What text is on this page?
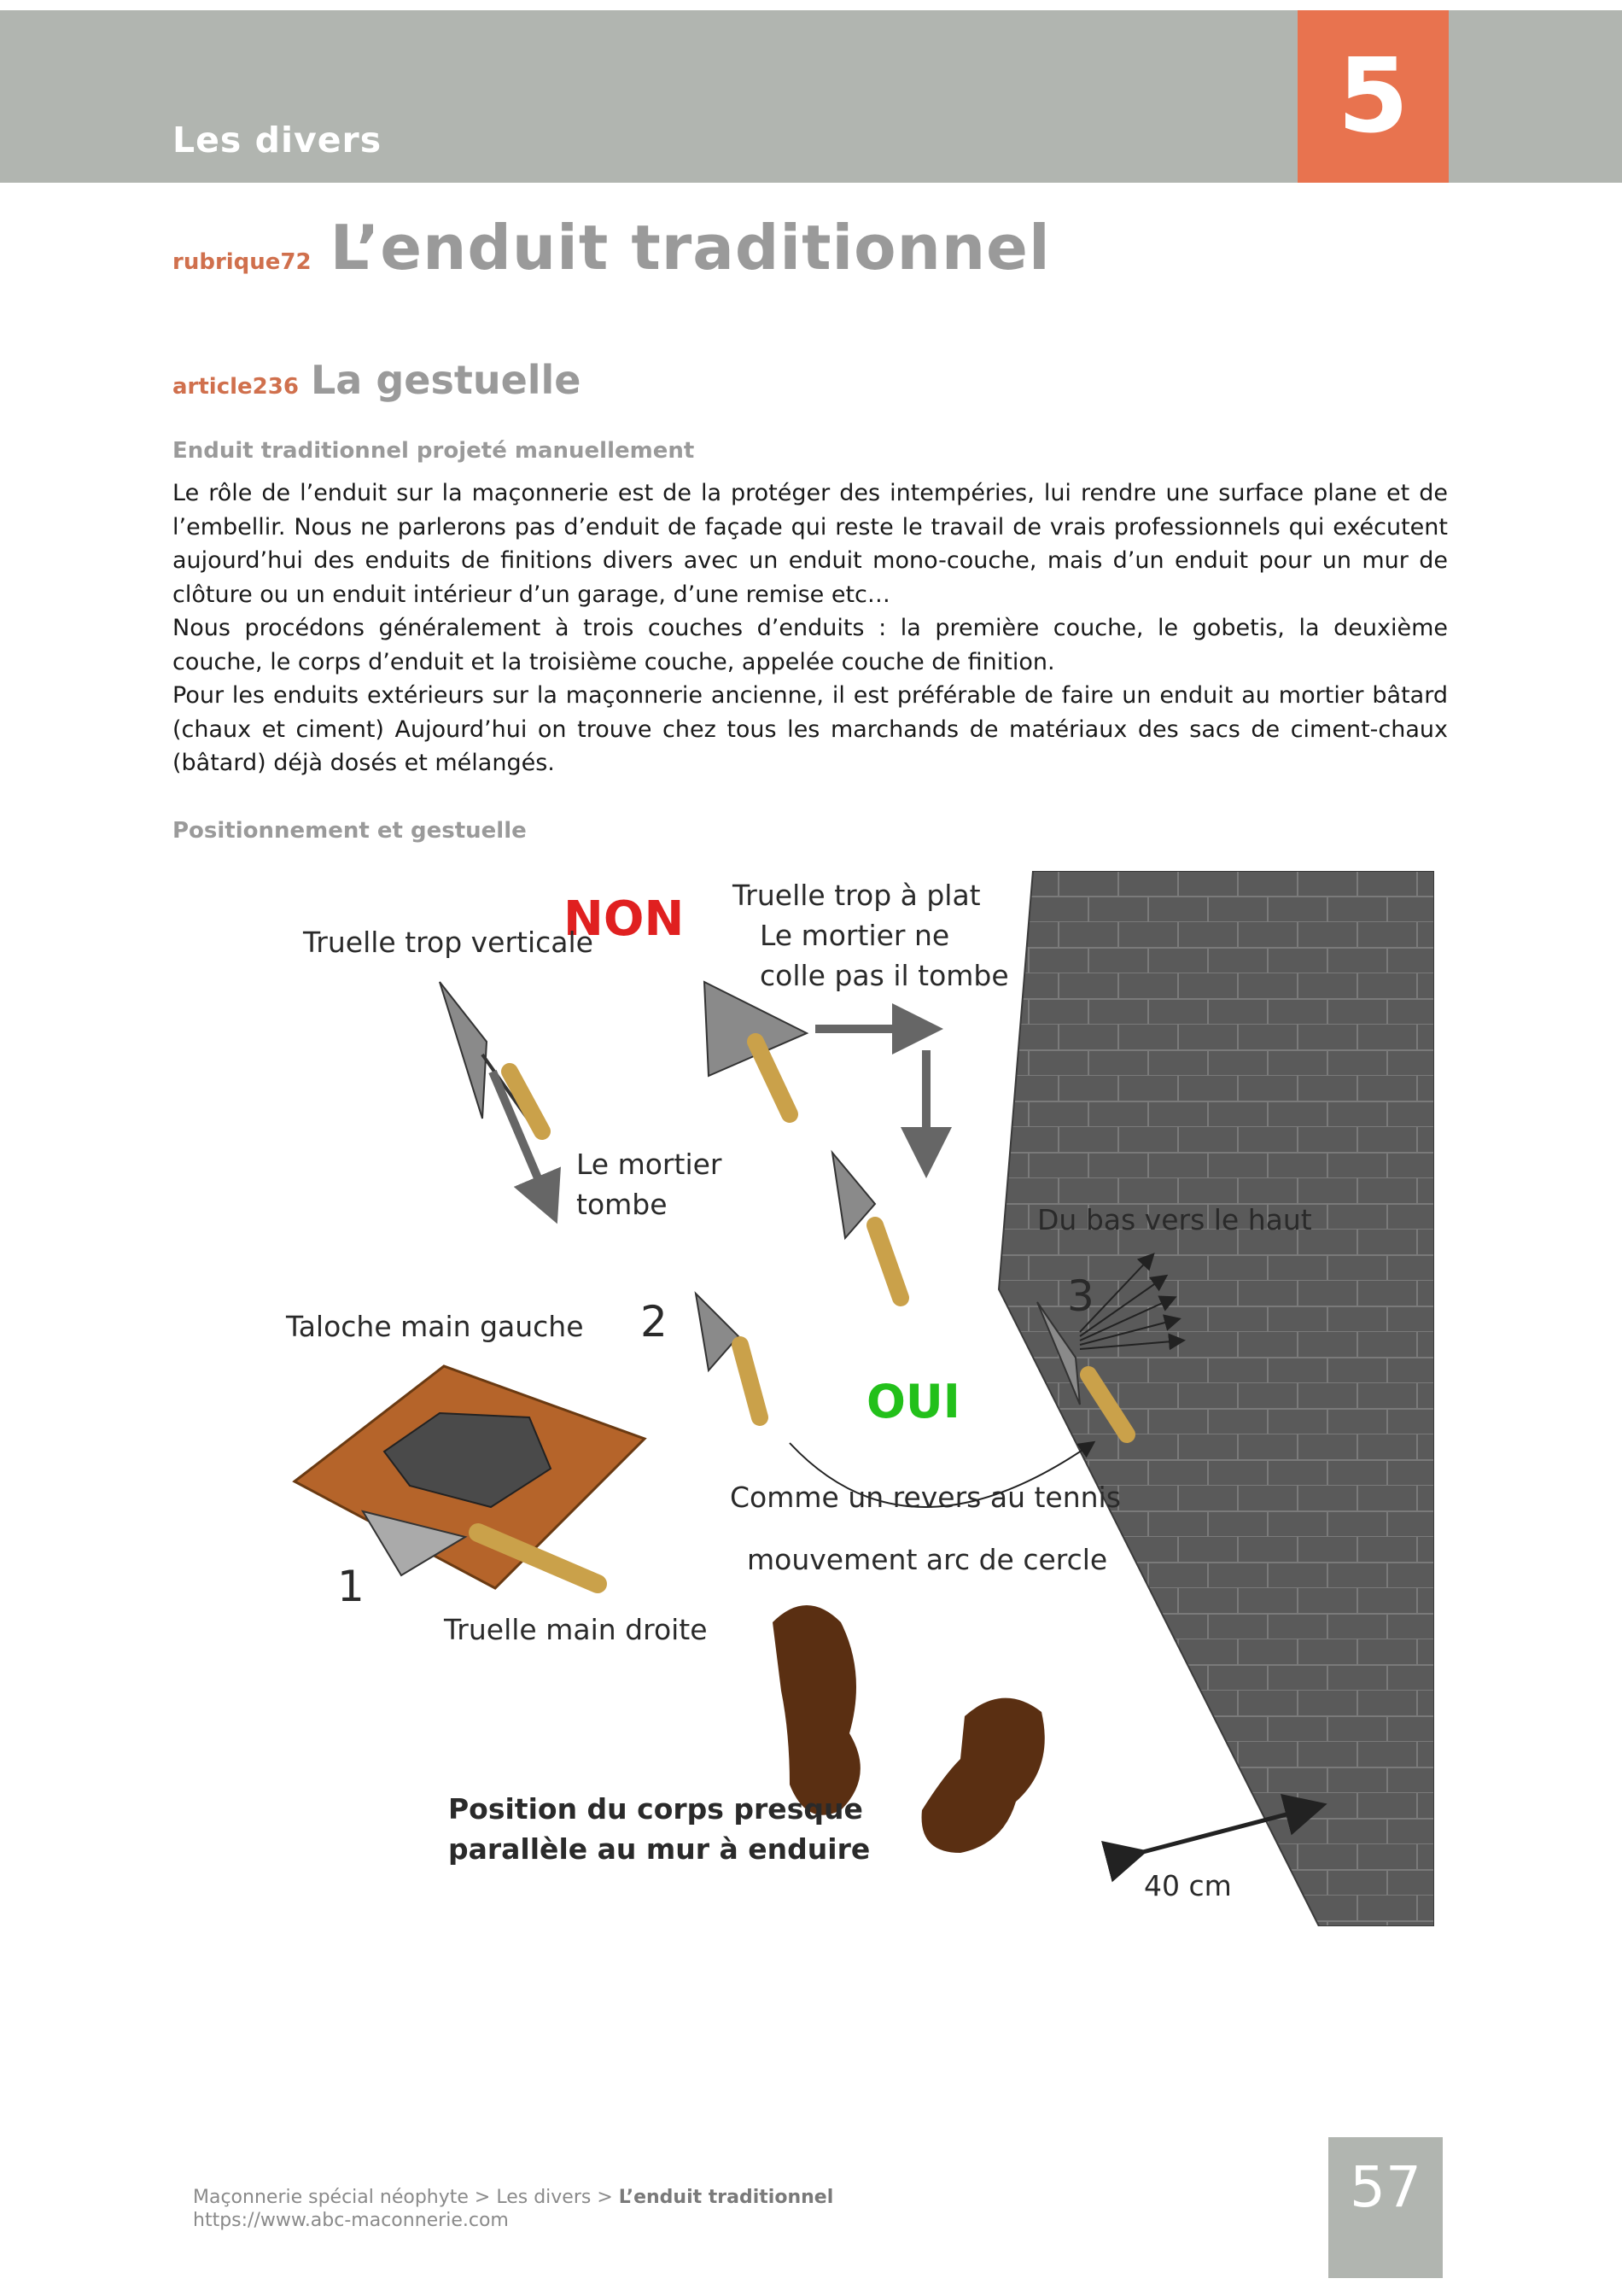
Les divers	5
rubrique72 L’enduit traditionnel
article236 La gestuelle
Enduit traditionnel projeté manuellement

Le rôle de l’enduit sur la maçonnerie est de la protéger des intempéries, lui rendre une surface plane et de l’embellir. Nous ne parlerons pas d’enduit de façade qui reste le travail de vrais professionnels qui exécutent aujourd’hui des enduits de finitions divers avec un enduit mono-couche, mais d’un enduit pour un mur de clôture ou un enduit intérieur d’un garage, d’une remise etc…

Nous procédons généralement à trois couches d’enduits : la première couche, le gobetis, la deuxième couche, le corps d’enduit et la troisième couche, appelée couche de finition.

Pour les enduits extérieurs sur la maçonnerie ancienne, il est préférable de faire un enduit au mortier bâtard (chaux et ciment) Aujourd’hui on trouve chez tous les marchands de matériaux des sacs de ciment-chaux (bâtard) déjà dosés et mélangés.

Positionnement et gestuelle
NON
Truelle trop verticale
Truelle trop à plat
Le mortier ne
colle pas il tombe
Le mortier
tombe	Du bas vers le haut
Taloche main gauche 2
3
OUI
Comme un revers au tennis
mouvement arc de cercle
1
Truelle main droite
Position du corps presque
parallèle au mur à enduire
40 cm
Maçonnerie spécial néophyte > Les divers > L’enduit traditionnel
https://www.abc-maconnerie.com
57
